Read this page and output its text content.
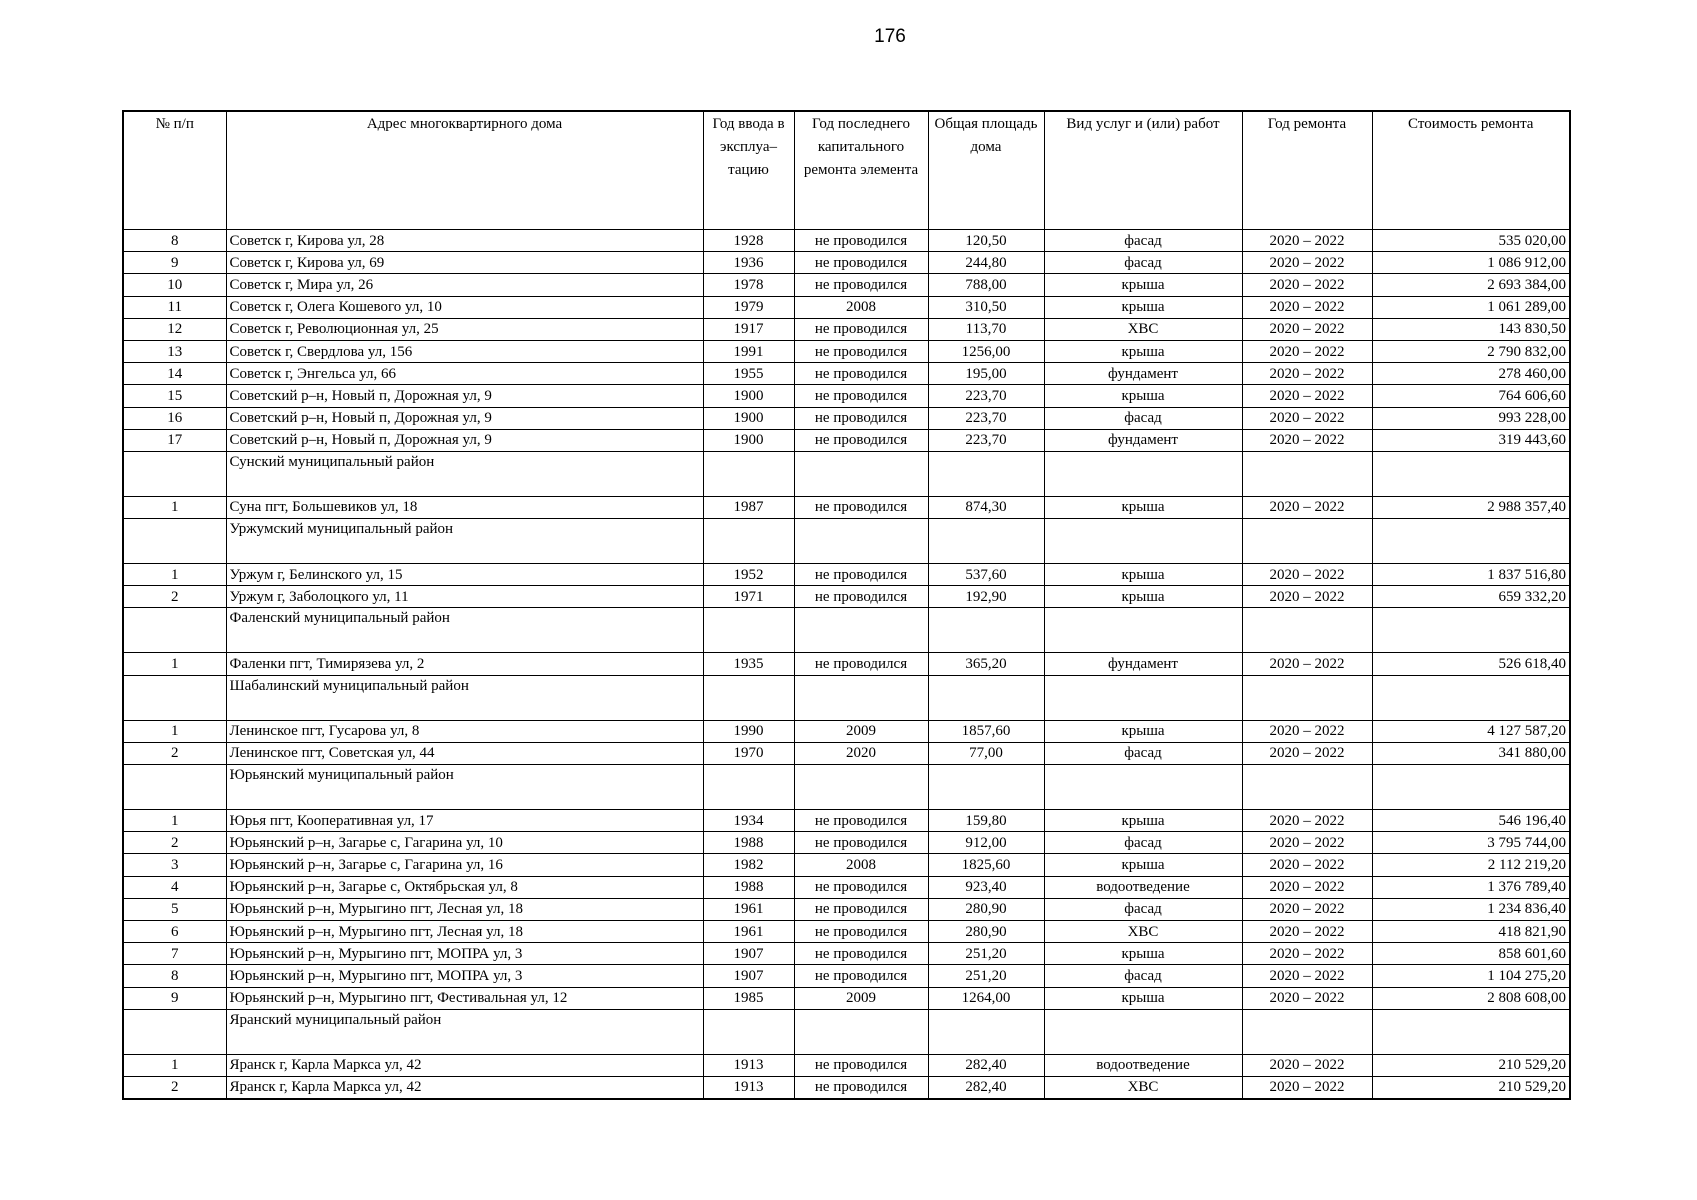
176
№ п/п	Адрес многоквартирного дома	Год ввода в эксплуа– тацию	Год последнего капитального ремонта элемента	Общая площадь дома	Вид услуг и (или) работ	Год ремонта	Стоимость ремонта
8	Советск г, Кирова ул, 28	1928	не проводился	120,50	фасад	2020 – 2022	535 020,00
9	Советск г, Кирова ул, 69	1936	не проводился	244,80	фасад	2020 – 2022	1 086 912,00
10	Советск г, Мира ул, 26	1978	не проводился	788,00	крыша	2020 – 2022	2 693 384,00
11	Советск г, Олега Кошевого ул, 10	1979	2008	310,50	крыша	2020 – 2022	1 061 289,00
12	Советск г, Революционная ул, 25	1917	не проводился	113,70	ХВС	2020 – 2022	143 830,50
13	Советск г, Свердлова ул, 156	1991	не проводился	1256,00	крыша	2020 – 2022	2 790 832,00
14	Советск г, Энгельса ул, 66	1955	не проводился	195,00	фундамент	2020 – 2022	278 460,00
15	Советский р–н, Новый п, Дорожная ул, 9	1900	не проводился	223,70	крыша	2020 – 2022	764 606,60
16	Советский р–н, Новый п, Дорожная ул, 9	1900	не проводился	223,70	фасад	2020 – 2022	993 228,00
17	Советский р–н, Новый п, Дорожная ул, 9	1900	не проводился	223,70	фундамент	2020 – 2022	319 443,60
	Сунский муниципальный район						
1	Суна пгт, Большевиков ул, 18	1987	не проводился	874,30	крыша	2020 – 2022	2 988 357,40
	Уржумский муниципальный район						
1	Уржум г, Белинского ул, 15	1952	не проводился	537,60	крыша	2020 – 2022	1 837 516,80
2	Уржум г, Заболоцкого ул, 11	1971	не проводился	192,90	крыша	2020 – 2022	659 332,20
	Фаленский муниципальный район						
1	Фаленки пгт, Тимирязева ул, 2	1935	не проводился	365,20	фундамент	2020 – 2022	526 618,40
	Шабалинский муниципальный район						
1	Ленинское пгт, Гусарова ул, 8	1990	2009	1857,60	крыша	2020 – 2022	4 127 587,20
2	Ленинское пгт, Советская ул, 44	1970	2020	77,00	фасад	2020 – 2022	341 880,00
	Юрьянский муниципальный район						
1	Юрья пгт, Кооперативная ул, 17	1934	не проводился	159,80	крыша	2020 – 2022	546 196,40
2	Юрьянский р–н, Загарье с, Гагарина ул, 10	1988	не проводился	912,00	фасад	2020 – 2022	3 795 744,00
3	Юрьянский р–н, Загарье с, Гагарина ул, 16	1982	2008	1825,60	крыша	2020 – 2022	2 112 219,20
4	Юрьянский р–н, Загарье с, Октябрьская ул, 8	1988	не проводился	923,40	водоотведение	2020 – 2022	1 376 789,40
5	Юрьянский р–н, Мурыгино пгт, Лесная ул, 18	1961	не проводился	280,90	фасад	2020 – 2022	1 234 836,40
6	Юрьянский р–н, Мурыгино пгт, Лесная ул, 18	1961	не проводился	280,90	ХВС	2020 – 2022	418 821,90
7	Юрьянский р–н, Мурыгино пгт, МОПРА ул, 3	1907	не проводился	251,20	крыша	2020 – 2022	858 601,60
8	Юрьянский р–н, Мурыгино пгт, МОПРА ул, 3	1907	не проводился	251,20	фасад	2020 – 2022	1 104 275,20
9	Юрьянский р–н, Мурыгино пгт, Фестивальная ул, 12	1985	2009	1264,00	крыша	2020 – 2022	2 808 608,00
	Яранский муниципальный район						
1	Яранск г, Карла Маркса ул, 42	1913	не проводился	282,40	водоотведение	2020 – 2022	210 529,20
2	Яранск г, Карла Маркса ул, 42	1913	не проводился	282,40	ХВС	2020 – 2022	210 529,20
